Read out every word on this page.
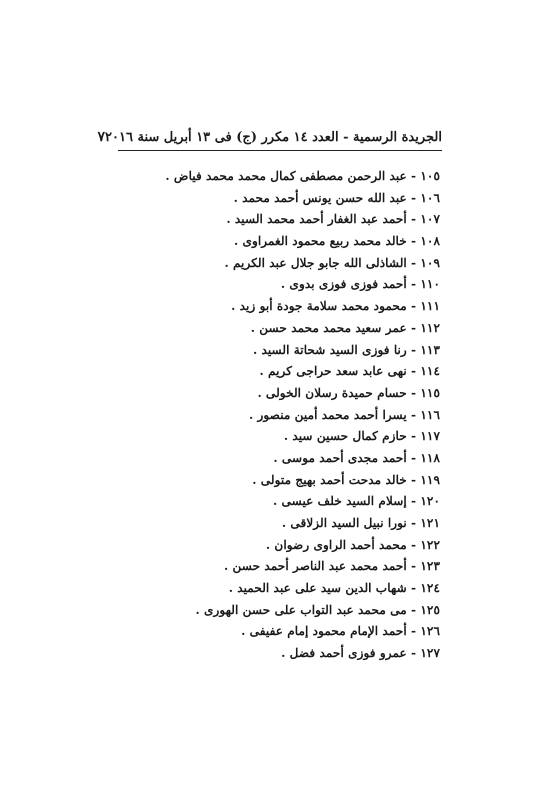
الجريدة الرسمية - العدد ١٤ مكرر (ج) فى ١٣ أبريل سنة ٢٠١٦
٧
١٠٥ - عبد الرحمن مصطفى كمال محمد محمد فياض .
١٠٦ - عبد الله حسن يونس أحمد محمد .
١٠٧ - أحمد عبد الغفار أحمد محمد السيد .
١٠٨ - خالد محمد ربيع محمود الغمراوى .
١٠٩ - الشاذلى الله جابو جلال عبد الكريم .
١١٠ - أحمد فوزى فوزى بدوى .
١١١ - محمود محمد سلامة جودة أبو زيد .
١١٢ - عمر سعيد محمد محمد حسن .
١١٣ - رنا فوزى السيد شحاتة السيد .
١١٤ - نهى عابد سعد حراجى كريم .
١١٥ - حسام حميدة رسلان الخولى .
١١٦ - يسرا أحمد محمد أمين منصور .
١١٧ - حازم كمال حسين سيد .
١١٨ - أحمد مجدى أحمد موسى .
١١٩ - خالد مدحت أحمد بهيج متولى .
١٢٠ - إسلام السيد خلف عيسى .
١٢١ - نورا نبيل السيد الزلاقى .
١٢٢ - محمد أحمد الراوى رضوان .
١٢٣ - أحمد محمد عبد الناصر أحمد حسن .
١٢٤ - شهاب الدين سيد على عبد الحميد .
١٢٥ - مى محمد عبد التواب على حسن الهورى .
١٢٦ - أحمد الإمام محمود إمام عفيفى .
١٢٧ - عمرو فوزى أحمد فضل .
